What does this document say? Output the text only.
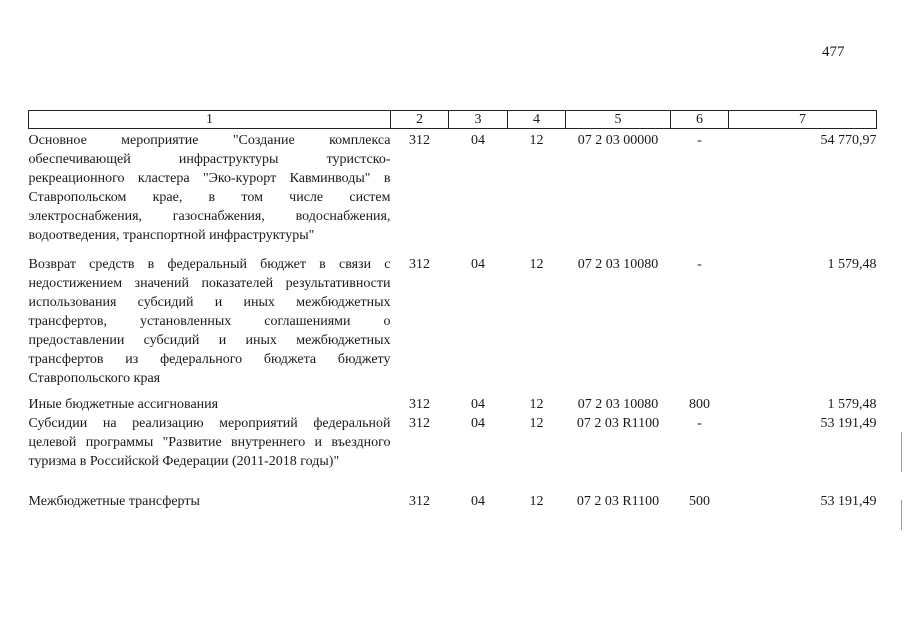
477
1	2	3	4	5	6	7
Основное мероприятие "Создание комплекса обеспечивающей инфраструктуры туристско-рекреационного кластера "Эко-курорт Кавминводы" в Ставропольском крае, в том числе систем электроснабжения, газоснабжения, водоснабжения, водоотведения, транспортной инфраструктуры"	312	04	12	07 2 03 00000	-	54 770,97
Возврат средств в федеральный бюджет в связи с недостижением значений показателей результативности использования субсидий и иных межбюджетных трансфертов, установленных соглашениями о предоставлении субсидий и иных межбюджетных трансфертов из федерального бюджета бюджету Ставропольского края	312	04	12	07 2 03 10080	-	1 579,48
Иные бюджетные ассигнования	312	04	12	07 2 03 10080	800	1 579,48
Субсидии на реализацию мероприятий федеральной целевой программы "Развитие внутреннего и въездного туризма в Российской Федерации (2011-2018 годы)"	312	04	12	07 2 03 R1100	-	53 191,49
Межбюджетные трансферты	312	04	12	07 2 03 R1100	500	53 191,49
